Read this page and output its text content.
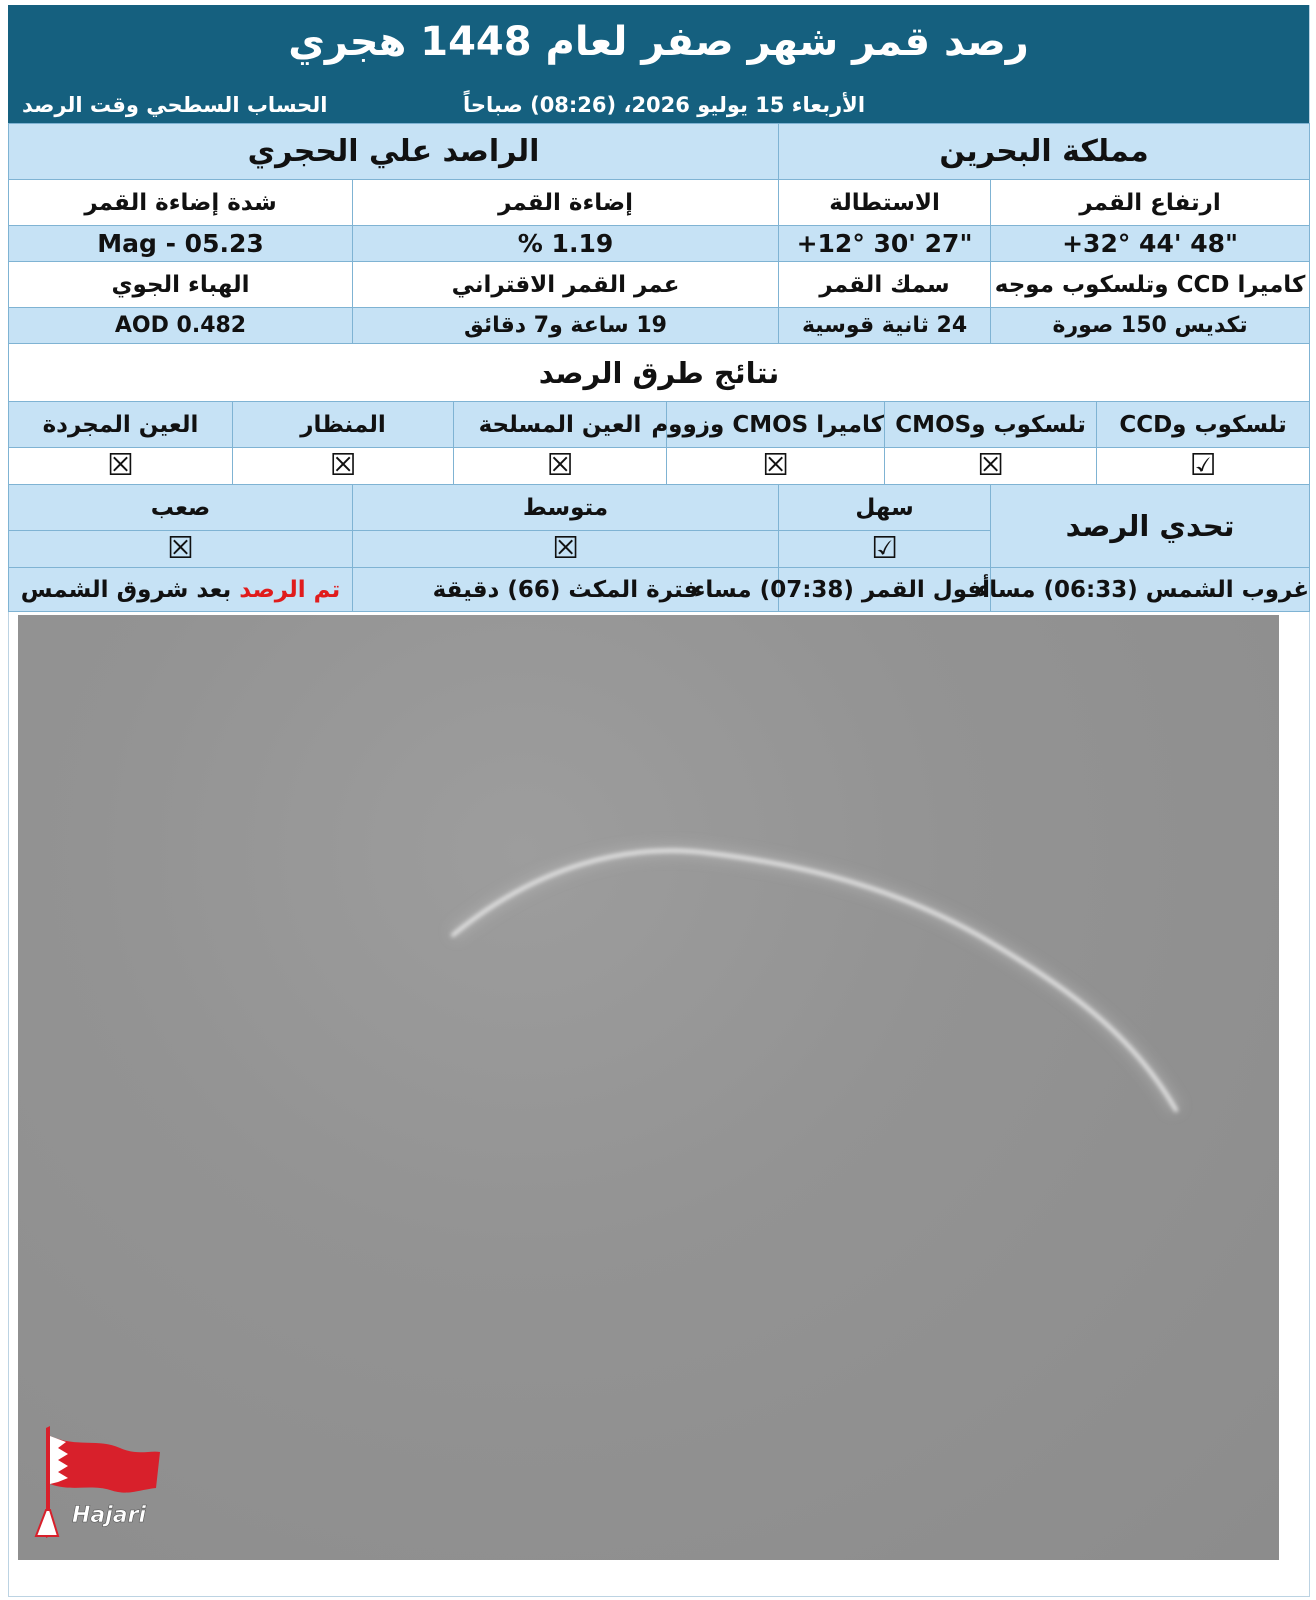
رصد قمر شهر صفر لعام 1448 هجري
الأربعاء 15 يوليو 2026، (08:26) صباحاً
الحساب السطحي وقت الرصد
مملكة البحرين				الراصد علي الحجري				
ارتفاع القمر		الاستطالة		إضاءة القمر			شدة إضاءة القمر	
+32° 44' 48"		+12° 30' 27"		% 1.19			Mag - 05.23	
كاميرا CCD وتلسكوب موجه		سمك القمر		عمر القمر الاقتراني			الهباء الجوي	
تكديس 150 صورة		24 ثانية قوسية		19 ساعة و7 دقائق			AOD 0.482	
نتائج طرق الرصد								
تلسكوب وCCD	تلسكوب وCMOS		كاميرا CMOS وزووم		العين المسلحة	المنظار		العين المجردة
☑	☒		☒		☒	☒		☒
تحدي الرصد		سهل		متوسط			صعب	
		☑		☒			☒	
غروب الشمس (06:33) مساء		أفول القمر (07:38) مساء		فترة المكث (66) دقيقة			تم الرصد بعد شروق الشمس	
Hajari
